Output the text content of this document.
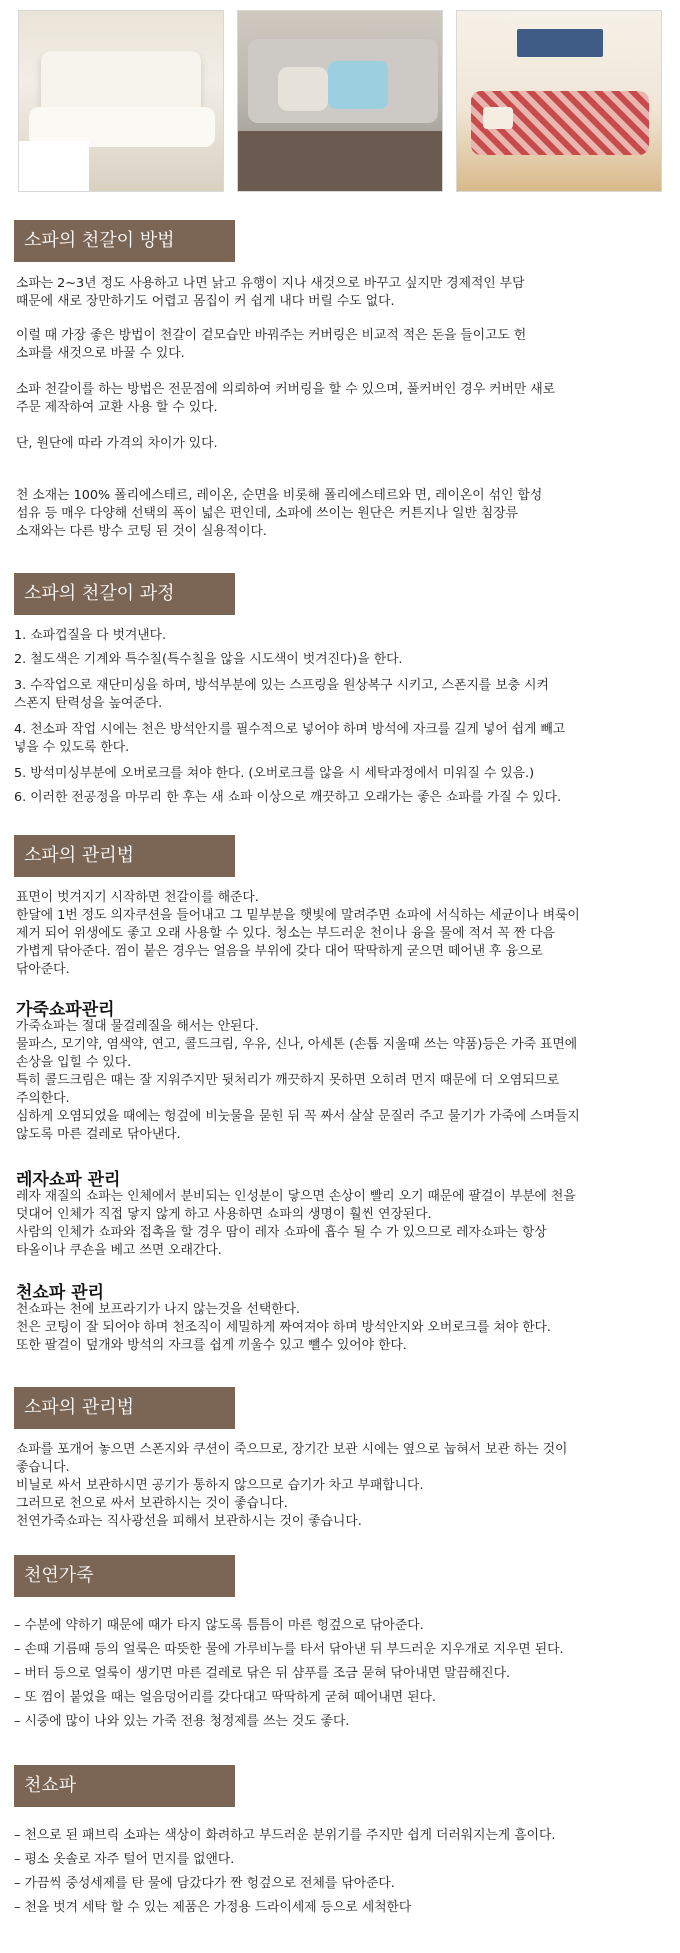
소파의 천갈이 방법

소파는 2~3년 정도 사용하고 나면 낡고 유행이 지나 새것으로 바꾸고 싶지만 경제적인 부담

때문에 새로 장만하기도 어렵고 몸집이 커 쉽게 내다 버릴 수도 없다.

이럴 때 가장 좋은 방법이 천갈이 겉모습만 바꿔주는 커버링은 비교적 적은 돈을 들이고도 헌

소파를 새것으로 바꿀 수 있다.

소파 천갈이를 하는 방법은 전문점에 의뢰하여 커버링을 할 수 있으며, 풀커버인 경우 커버만 새로

주문 제작하여 교환 사용 할 수 있다.

단, 원단에 따라 가격의 차이가 있다.

천 소재는 100% 폴리에스테르, 레이온, 순면을 비롯해 폴리에스테르와 면, 레이온이 섞인 합성

섬유 등 매우 다양해 선택의 폭이 넓은 편인데, 소파에 쓰이는 원단은 커튼지나 일반 침장류

소재와는 다른 방수 코팅 된 것이 실용적이다.

소파의 천갈이 과정
1. 쇼파껍질을 다 벗겨낸다.
2. 철도색은 기계와 특수칠(특수칠을 않을 시도색이 벗겨진다)을 한다.
3. 수작업으로 재단미싱을 하며, 방석부분에 있는 스프링을 원상복구 시키고, 스폰지를 보충 시켜
스폰지 탄력성을 높여준다.
4. 천소파 작업 시에는 천은 방석안지를 필수적으로 넣어야 하며 방석에 자크를 길게 넣어 쉽게 빼고
넣을 수 있도록 한다.
5. 방석미싱부분에 오버로크를 쳐야 한다. (오버로크를 않을 시 세탁과정에서 미워질 수 있음.)
6. 이러한 전공정을 마무리 한 후는 새 쇼파 이상으로 깨끗하고 오래가는 좋은 쇼파를 가질 수 있다.
소파의 관리법

표면이 벗겨지기 시작하면 천갈이를 해준다.

한달에 1번 정도 의자쿠션을 들어내고 그 밑부분을 햇빛에 말려주면 쇼파에 서식하는 세균이나 벼룩이

제거 되어 위생에도 좋고 오래 사용할 수 있다. 청소는 부드러운 천이나 융을 물에 적셔 꼭 짠 다음

가볍게 닦아준다. 껌이 붙은 경우는 얼음을 부위에 갖다 대어 딱딱하게 굳으면 떼어낸 후 융으로

닦아준다.

가죽쇼파관리

가죽쇼파는 절대 물걸레질을 해서는 안된다.

물파스, 모기약, 염색약, 연고, 콜드크림, 우유, 신나, 아세톤 (손톱 지울때 쓰는 약품)등은 가죽 표면에

손상을 입힐 수 있다.

특히 콜드크림은 때는 잘 지워주지만 뒷처리가 깨끗하지 못하면 오히려 먼지 때문에 더 오염되므로

주의한다.

심하게 오염되었을 때에는 헝겊에 비눗물을 묻힌 뒤 꼭 짜서 살살 문질러 주고 물기가 가죽에 스며들지

않도록 마른 걸레로 닦아낸다.

레자쇼파 관리

레자 재질의 쇼파는 인체에서 분비되는 인성분이 닿으면 손상이 빨리 오기 때문에 팔걸이 부분에 천을

덧대어 인체가 직접 닿지 않게 하고 사용하면 쇼파의 생명이 훨씬 연장된다.

사람의 인체가 쇼파와 접촉을 할 경우 땀이 레자 쇼파에 흡수 될 수 가 있으므로 레자쇼파는 항상

타올이나 쿠숀을 베고 쓰면 오래간다.

천쇼파 관리

천쇼파는 천에 보프라기가 나지 않는것을 선택한다.

천은 코팅이 잘 되어야 하며 천조직이 세밀하게 짜여져야 하며 방석안지와 오버로크를 쳐야 한다.

또한 팔걸이 덮개와 방석의 자크를 쉽게 끼울수 있고 뺄수 있어야 한다.

소파의 관리법

쇼파를 포개어 놓으면 스폰지와 쿠션이 죽으므로, 장기간 보관 시에는 옆으로 눕혀서 보관 하는 것이

좋습니다.

비닐로 싸서 보관하시면 공기가 통하지 않으므로 습기가 차고 부패합니다.

그러므로 천으로 싸서 보관하시는 것이 좋습니다.

천연가죽쇼파는 직사광선을 피해서 보관하시는 것이 좋습니다.

천연가죽
– 수분에 약하기 때문에 때가 타지 않도록 틈틈이 마른 헝겊으로 닦아준다.
– 손때 기름때 등의 얼룩은 따뜻한 물에 가루비누를 타서 닦아낸 뒤 부드러운 지우개로 지우면 된다.
– 버터 등으로 얼룩이 생기면 마른 걸레로 닦은 뒤 샴푸를 조금 묻혀 닦아내면 말끔해진다.
– 또 껌이 붙었을 때는 얼음덩어리를 갖다대고 딱딱하게 굳혀 떼어내면 된다.
– 시중에 많이 나와 있는 가죽 전용 청정제를 쓰는 것도 좋다.
천쇼파
– 천으로 된 패브릭 소파는 색상이 화려하고 부드러운 분위기를 주지만 쉽게 더러워지는게 흠이다.
– 평소 옷솔로 자주 털어 먼지를 없앤다.
– 가끔씩 중성세제를 탄 물에 담갔다가 짠 헝겊으로 전체를 닦아준다.
– 천을 벗겨 세탁 할 수 있는 제품은 가정용 드라이세제 등으로 세척한다
